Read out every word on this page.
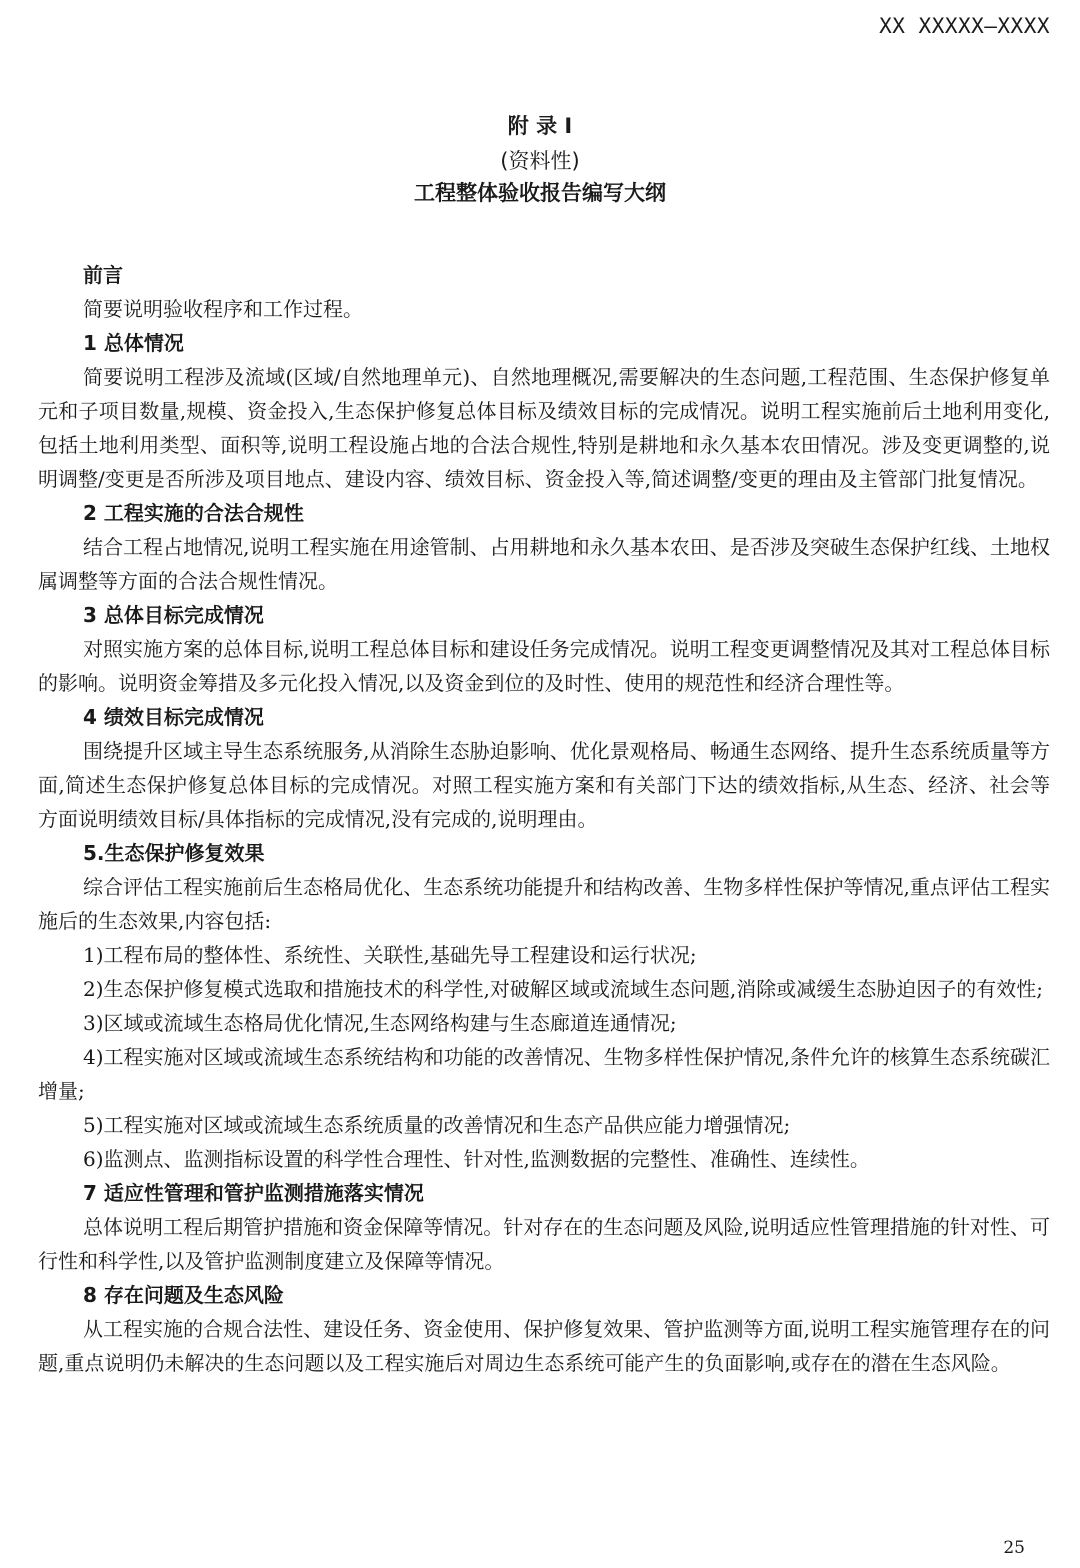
XX XXXXX—XXXX
附 录 I
(资料性)
工程整体验收报告编写大纲
前言
简要说明验收程序和工作过程。
1 总体情况
简要说明工程涉及流域(区域/自然地理单元)、自然地理概况,需要解决的生态问题,工程范围、生态保护修复单元和子项目数量,规模、资金投入,生态保护修复总体目标及绩效目标的完成情况。说明工程实施前后土地利用变化,包括土地利用类型、面积等,说明工程设施占地的合法合规性,特别是耕地和永久基本农田情况。涉及变更调整的,说明调整/变更是否所涉及项目地点、建设内容、绩效目标、资金投入等,简述调整/变更的理由及主管部门批复情况。
2 工程实施的合法合规性
结合工程占地情况,说明工程实施在用途管制、占用耕地和永久基本农田、是否涉及突破生态保护红线、土地权属调整等方面的合法合规性情况。
3 总体目标完成情况
对照实施方案的总体目标,说明工程总体目标和建设任务完成情况。说明工程变更调整情况及其对工程总体目标的影响。说明资金筹措及多元化投入情况,以及资金到位的及时性、使用的规范性和经济合理性等。
4 绩效目标完成情况
围绕提升区域主导生态系统服务,从消除生态胁迫影响、优化景观格局、畅通生态网络、提升生态系统质量等方面,简述生态保护修复总体目标的完成情况。对照工程实施方案和有关部门下达的绩效指标,从生态、经济、社会等方面说明绩效目标/具体指标的完成情况,没有完成的,说明理由。
5.生态保护修复效果
综合评估工程实施前后生态格局优化、生态系统功能提升和结构改善、生物多样性保护等情况,重点评估工程实施后的生态效果,内容包括:
1)工程布局的整体性、系统性、关联性,基础先导工程建设和运行状况;
2)生态保护修复模式选取和措施技术的科学性,对破解区域或流域生态问题,消除或减缓生态胁迫因子的有效性;
3)区域或流域生态格局优化情况,生态网络构建与生态廊道连通情况;
4)工程实施对区域或流域生态系统结构和功能的改善情况、生物多样性保护情况,条件允许的核算生态系统碳汇增量;
5)工程实施对区域或流域生态系统质量的改善情况和生态产品供应能力增强情况;
6)监测点、监测指标设置的科学性合理性、针对性,监测数据的完整性、准确性、连续性。
7 适应性管理和管护监测措施落实情况
总体说明工程后期管护措施和资金保障等情况。针对存在的生态问题及风险,说明适应性管理措施的针对性、可行性和科学性,以及管护监测制度建立及保障等情况。
8 存在问题及生态风险
从工程实施的合规合法性、建设任务、资金使用、保护修复效果、管护监测等方面,说明工程实施管理存在的问题,重点说明仍未解决的生态问题以及工程实施后对周边生态系统可能产生的负面影响,或存在的潜在生态风险。
25
